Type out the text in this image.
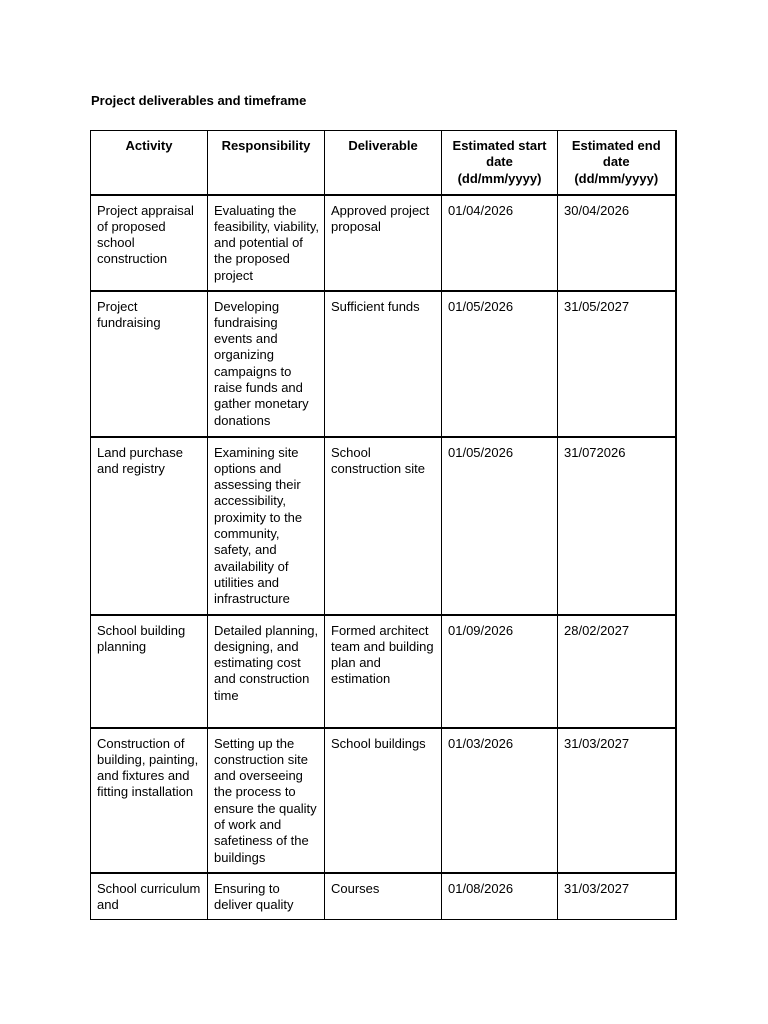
Project deliverables and timeframe
Activity	Responsibility	Deliverable	Estimated start date (dd/mm/yyyy)	Estimated end date (dd/mm/yyyy)
Project appraisal of proposed school construction	Evaluating the feasibility, viability, and potential of the proposed project	Approved project proposal	01/04/2026	30/04/2026
Project fundraising	Developing fundraising events and organizing campaigns to raise funds and gather monetary donations	Sufficient funds	01/05/2026	31/05/2027
Land purchase and registry	Examining site options and assessing their accessibility, proximity to the community, safety, and availability of utilities and infrastructure	School construction site	01/05/2026	31/072026
School building planning	Detailed planning, designing, and estimating cost and construction time	Formed architect team and building plan and estimation	01/09/2026	28/02/2027
Construction of building, painting, and fixtures and fitting installation	Setting up the construction site and overseeing the process to ensure the quality of work and safetiness of the buildings	School buildings	01/03/2026	31/03/2027
School curriculum and	Ensuring to deliver quality	Courses	01/08/2026	31/03/2027
